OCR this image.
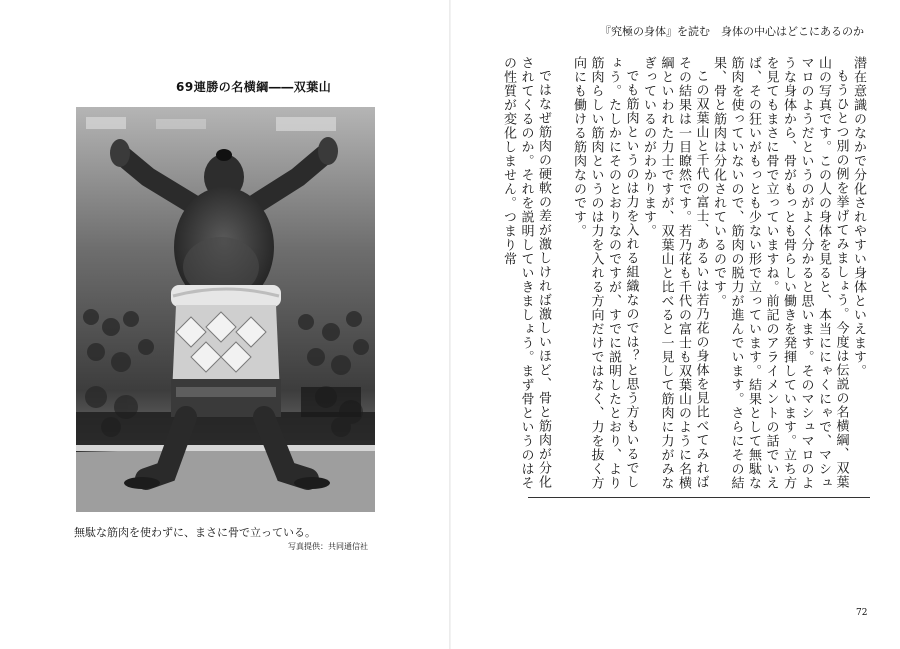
69連勝の名横綱――双葉山
無駄な筋肉を使わずに、まさに骨で立っている。
写真提供：共同通信社
『究極の身体』を読む　身体の中心はどこにあるのか

潜在意識のなかで分化されやすい身体といえます。

もうひとつ別の例を挙げてみましょう。今度は伝説の名横綱、双葉山の写真です。この人の身体を見ると、本当ににゃくにゃで、マシュマロのようだというのがよく分かると思います。そのマシュマロのような身体から、骨がもっとも骨らしい働きを発揮しています。立ち方を見てもまさに骨で立っていますね。前記のアライメントの話でいえば、その狂いがもっとも少ない形で立っています。結果として無駄な筋肉を使っていないので、筋肉の脱力が進んでいます。さらにその結果、骨と筋肉は分化されているのです。

この双葉山と千代の富士、あるいは若乃花の身体を見比べてみればその結果は一目瞭然です。若乃花も千代の富士も双葉山のように名横綱といわれた力士ですが、双葉山と比べると一見して筋肉に力がみなぎっているのがわかります。

でも筋肉というのは力を入れる組織なのでは？と思う方もいるでしょう。たしかにそのとおりなのですが、すでに説明したとおり、より筋肉らしい筋肉というのは力を入れる方向だけではなく、力を抜く方向にも働ける筋肉なのです。

ではなぜ筋肉の硬軟の差が激しければ激しいほど、骨と筋肉が分化されてくるのか。それを説明していきましょう。まず骨というのはその性質が変化しません。つまり常

72
